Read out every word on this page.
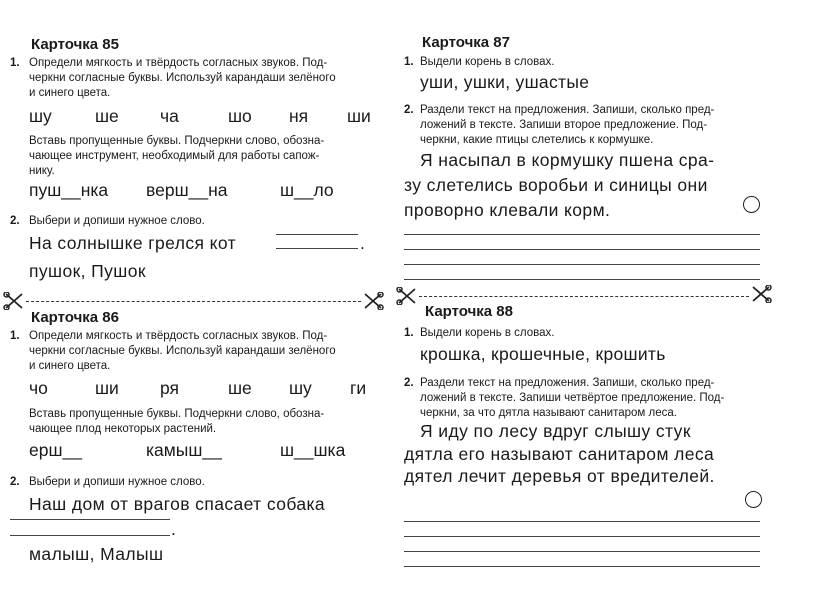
Карточка 85
1. Определи мягкость и твёрдость согласных звуков. Под-
черкни согласные буквы. Используй карандаши зелёного
и синего цвета.
шу ше ча	шо ня ши
Вставь пропущенные буквы. Подчеркни слово, обозна-
чающее инструмент, необходимый для работы сапож-
нику.
пуш__нка верш__на	ш__ло
2. Выбери и допиши нужное слово.
На солнышке грелся кот	.
пушок, Пушок
Карточка 86
1. Определи мягкость и твёрдость согласных звуков. Под-
черкни согласные буквы. Используй карандаши зелёного
и синего цвета.
чо	ши ря	ше шу ги
Вставь пропущенные буквы. Подчеркни слово, обозна-
чающее плод некоторых растений.
ерш__	камыш__	ш__шка
2. Выбери и допиши нужное слово.
Наш дом от врагов спасает собака
.
малыш, Малыш
Карточка 87
1. Выдели корень в словах.
уши, ушки, ушастые
2. Раздели текст на предложения. Запиши, сколько пред-
ложений в тексте. Запиши второе предложение. Под-
черкни, какие птицы слетелись к кормушке.
Я насыпал в кормушку пшена сра-
зу слетелись воробьи и синицы они
проворно клевали корм.
Карточка 88
1. Выдели корень в словах.
крошка, крошечные, крошить
2. Раздели текст на предложения. Запиши, сколько пред-
ложений в тексте. Запиши четвёртое предложение. Под-
черкни, за что дятла называют санитаром леса.
Я иду по лесу вдруг слышу стук
дятла его называют санитаром леса
дятел лечит деревья от вредителей.
